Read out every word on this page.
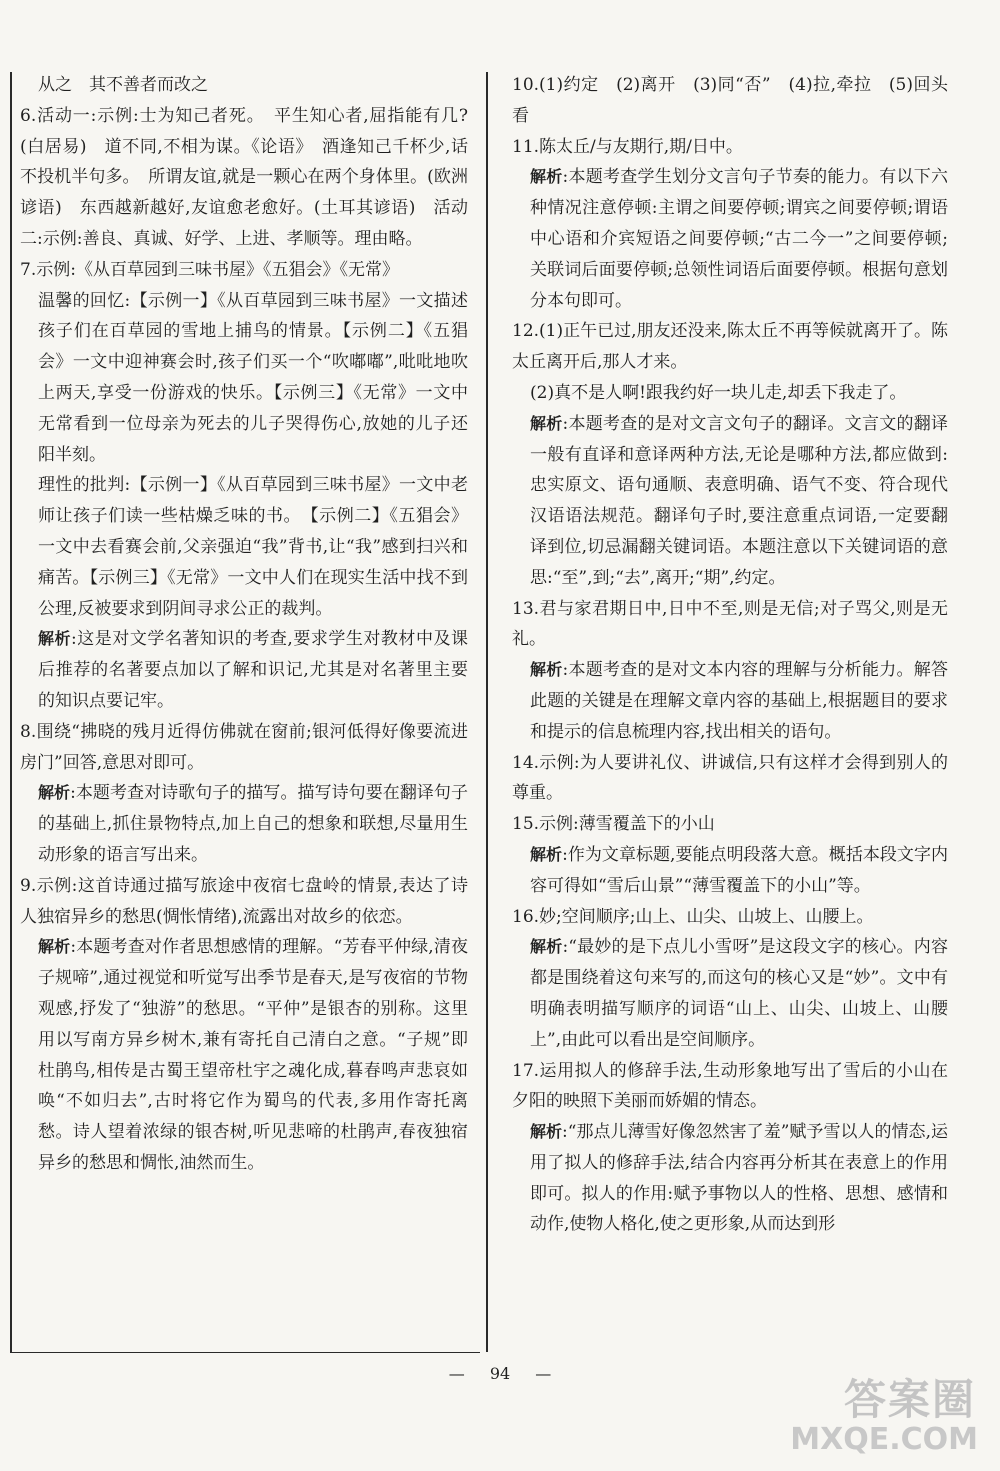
从之　其不善者而改之

6.活动一:示例:士为知己者死。　平生知心者,屈指能有几?(白居易)　道不同,不相为谋。《论语》　酒逢知己千杯少,话不投机半句多。　所谓友谊,就是一颗心在两个身体里。(欧洲谚语)　东西越新越好,友谊愈老愈好。(土耳其谚语)　活动二:示例:善良、真诚、好学、上进、孝顺等。理由略。

7.示例:《从百草园到三味书屋》《五猖会》《无常》

温馨的回忆:【示例一】《从百草园到三味书屋》一文描述孩子们在百草园的雪地上捕鸟的情景。【示例二】《五猖会》一文中迎神赛会时,孩子们买一个“吹嘟嘟”,吡吡地吹上两天,享受一份游戏的快乐。【示例三】《无常》一文中无常看到一位母亲为死去的儿子哭得伤心,放她的儿子还阳半刻。

理性的批判:【示例一】《从百草园到三味书屋》一文中老师让孩子们读一些枯燥乏味的书。　【示例二】《五猖会》一文中去看赛会前,父亲强迫“我”背书,让“我”感到扫兴和痛苦。【示例三】《无常》一文中人们在现实生活中找不到公理,反被要求到阴间寻求公正的裁判。

解析:这是对文学名著知识的考查,要求学生对教材中及课后推荐的名著要点加以了解和识记,尤其是对名著里主要的知识点要记牢。

8.围绕“拂晓的残月近得仿佛就在窗前;银河低得好像要流进房门”回答,意思对即可。

解析:本题考查对诗歌句子的描写。描写诗句要在翻译句子的基础上,抓住景物特点,加上自己的想象和联想,尽量用生动形象的语言写出来。

9.示例:这首诗通过描写旅途中夜宿七盘岭的情景,表达了诗人独宿异乡的愁思(惆怅情绪),流露出对故乡的依恋。

解析:本题考查对作者思想感情的理解。“芳春平仲绿,清夜子规啼”,通过视觉和听觉写出季节是春天,是写夜宿的节物观感,抒发了“独游”的愁思。“平仲”是银杏的别称。这里用以写南方异乡树木,兼有寄托自己清白之意。“子规”即杜鹃鸟,相传是古蜀王望帝杜宇之魂化成,暮春鸣声悲哀如唤“不如归去”,古时将它作为蜀鸟的代表,多用作寄托离愁。诗人望着浓绿的银杏树,听见悲啼的杜鹃声,春夜独宿异乡的愁思和惆怅,油然而生。

10.(1)约定　(2)离开　(3)同“否”　(4)拉,牵拉　(5)回头看

11.陈太丘/与友期行,期/日中。

解析:本题考查学生划分文言句子节奏的能力。有以下六种情况注意停顿:主谓之间要停顿;谓宾之间要停顿;谓语中心语和介宾短语之间要停顿;“古二今一”之间要停顿;关联词后面要停顿;总领性词语后面要停顿。根据句意划分本句即可。

12.(1)正午已过,朋友还没来,陈太丘不再等候就离开了。陈太丘离开后,那人才来。

(2)真不是人啊!跟我约好一块儿走,却丢下我走了。

解析:本题考查的是对文言文句子的翻译。文言文的翻译一般有直译和意译两种方法,无论是哪种方法,都应做到:忠实原文、语句通顺、表意明确、语气不变、符合现代汉语语法规范。翻译句子时,要注意重点词语,一定要翻译到位,切忌漏翻关键词语。本题注意以下关键词语的意思:“至”,到;“去”,离开;“期”,约定。

13.君与家君期日中,日中不至,则是无信;对子骂父,则是无礼。

解析:本题考查的是对文本内容的理解与分析能力。解答此题的关键是在理解文章内容的基础上,根据题目的要求和提示的信息梳理内容,找出相关的语句。

14.示例:为人要讲礼仪、讲诚信,只有这样才会得到别人的尊重。

15.示例:薄雪覆盖下的小山

解析:作为文章标题,要能点明段落大意。概括本段文字内容可得如“雪后山景”“薄雪覆盖下的小山”等。

16.妙;空间顺序;山上、山尖、山坡上、山腰上。

解析:“最妙的是下点儿小雪呀”是这段文字的核心。内容都是围绕着这句来写的,而这句的核心又是“妙”。文中有明确表明描写顺序的词语“山上、山尖、山坡上、山腰上”,由此可以看出是空间顺序。

17.运用拟人的修辞手法,生动形象地写出了雪后的小山在夕阳的映照下美丽而娇媚的情态。

解析:“那点儿薄雪好像忽然害了羞”赋予雪以人的情态,运用了拟人的修辞手法,结合内容再分析其在表意上的作用即可。拟人的作用:赋予事物以人的性格、思想、感情和动作,使物人格化,使之更形象,从而达到形

— 94 —
答案圈
MXQE.COM
